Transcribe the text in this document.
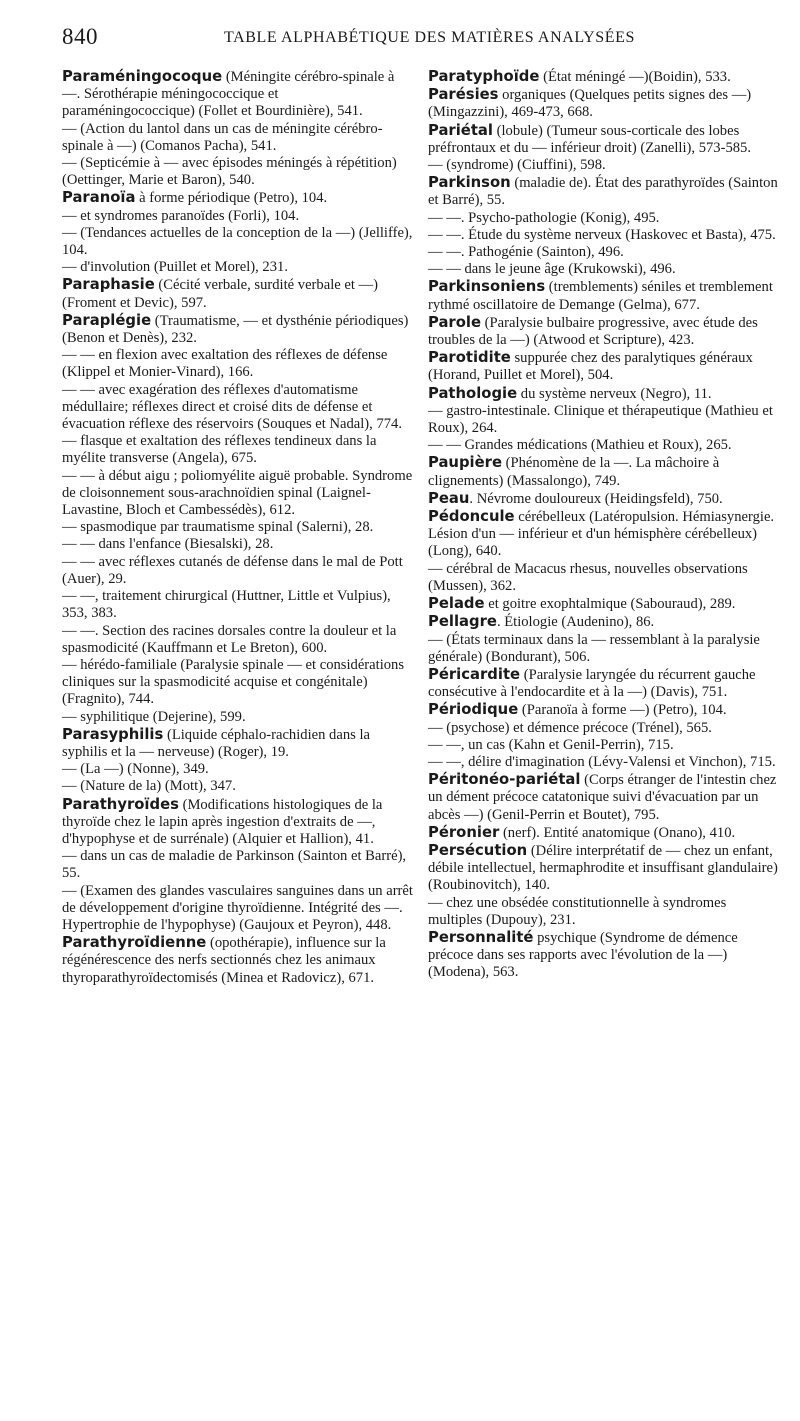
840	TABLE ALPHABÉTIQUE DES MATIÈRES ANALYSÉES

Paraméningocoque (Méningite cérébro-spinale à —. Sérothérapie méningococcique et paraméningococcique) (Follet et Bourdinière), 541.

— (Action du lantol dans un cas de méningite cérébro-spinale à —) (Comanos Pacha), 541.

— (Septicémie à — avec épisodes méningés à répétition) (Oettinger, Marie et Baron), 540.

Paranoïa à forme périodique (Petro), 104.

— et syndromes paranoïdes (Forli), 104.

— (Tendances actuelles de la conception de la —) (Jelliffe), 104.

— d'involution (Puillet et Morel), 231.

Paraphasie (Cécité verbale, surdité verbale et —) (Froment et Devic), 597.

Paraplégie (Traumatisme, — et dysthénie périodiques) (Benon et Denès), 232.

— — en flexion avec exaltation des réflexes de défense (Klippel et Monier-Vinard), 166.

— — avec exagération des réflexes d'automatisme médullaire; réflexes direct et croisé dits de défense et évacuation réflexe des réservoirs (Souques et Nadal), 774.

— flasque et exaltation des réflexes tendineux dans la myélite transverse (Angela), 675.

— — à début aigu ; poliomyélite aiguë probable. Syndrome de cloisonnement sous-arachnoïdien spinal (Laignel-Lavastine, Bloch et Cambessédès), 612.

— spasmodique par traumatisme spinal (Salerni), 28.

— — dans l'enfance (Biesalski), 28.

— — avec réflexes cutanés de défense dans le mal de Pott (Auer), 29.

— —, traitement chirurgical (Huttner, Little et Vulpius), 353, 383.

— —. Section des racines dorsales contre la douleur et la spasmodicité (Kauffmann et Le Breton), 600.

— hérédo-familiale (Paralysie spinale — et considérations cliniques sur la spasmodicité acquise et congénitale) (Fragnito), 744.

— syphilitique (Dejerine), 599.

Parasyphilis (Liquide céphalo-rachidien dans la syphilis et la — nerveuse) (Roger), 19.

— (La —) (Nonne), 349.

— (Nature de la) (Mott), 347.

Parathyroïdes (Modifications histologiques de la thyroïde chez le lapin après ingestion d'extraits de —, d'hypophyse et de surrénale) (Alquier et Hallion), 41.

— dans un cas de maladie de Parkinson (Sainton et Barré), 55.

— (Examen des glandes vasculaires sanguines dans un arrêt de développement d'origine thyroïdienne. Intégrité des —. Hypertrophie de l'hypophyse) (Gaujoux et Peyron), 448.

Parathyroïdienne (opothérapie), influence sur la régénérescence des nerfs sectionnés chez les animaux thyroparathyroïdectomisés (Minea et Radovicz), 671.

Paratyphoïde (État méningé —)(Boidin), 533.

Parésies organiques (Quelques petits signes des —) (Mingazzini), 469-473, 668.

Pariétal (lobule) (Tumeur sous-corticale des lobes préfrontaux et du — inférieur droit) (Zanelli), 573-585.

— (syndrome) (Ciuffini), 598.

Parkinson (maladie de). État des parathyroïdes (Sainton et Barré), 55.

— —. Psycho-pathologie (Konig), 495.

— —. Étude du système nerveux (Haskovec et Basta), 475.

— —. Pathogénie (Sainton), 496.

— — dans le jeune âge (Krukowski), 496.

Parkinsoniens (tremblements) séniles et tremblement rythmé oscillatoire de Demange (Gelma), 677.

Parole (Paralysie bulbaire progressive, avec étude des troubles de la —) (Atwood et Scripture), 423.

Parotidite suppurée chez des paralytiques généraux (Horand, Puillet et Morel), 504.

Pathologie du système nerveux (Negro), 11.

— gastro-intestinale. Clinique et thérapeutique (Mathieu et Roux), 264.

— — Grandes médications (Mathieu et Roux), 265.

Paupière (Phénomène de la —. La mâchoire à clignements) (Massalongo), 749.

Peau. Névrome douloureux (Heidingsfeld), 750.

Pédoncule cérébelleux (Latéropulsion. Hémiasynergie. Lésion d'un — inférieur et d'un hémisphère cérébelleux) (Long), 640.

— cérébral de Macacus rhesus, nouvelles observations (Mussen), 362.

Pelade et goitre exophtalmique (Sabouraud), 289.

Pellagre. Étiologie (Audenino), 86.

— (États terminaux dans la — ressemblant à la paralysie générale) (Bondurant), 506.

Péricardite (Paralysie laryngée du récurrent gauche consécutive à l'endocardite et à la —) (Davis), 751.

Périodique (Paranoïa à forme —) (Petro), 104.

— (psychose) et démence précoce (Trénel), 565.

— —, un cas (Kahn et Genil-Perrin), 715.

— —, délire d'imagination (Lévy-Valensi et Vinchon), 715.

Péritonéo-pariétal (Corps étranger de l'intestin chez un dément précoce catatonique suivi d'évacuation par un abcès —) (Genil-Perrin et Boutet), 795.

Péronier (nerf). Entité anatomique (Onano), 410.

Persécution (Délire interprétatif de — chez un enfant, débile intellectuel, hermaphrodite et insuffisant glandulaire) (Roubinovitch), 140.

— chez une obsédée constitutionnelle à syndromes multiples (Dupouy), 231.

Personnalité psychique (Syndrome de démence précoce dans ses rapports avec l'évolution de la —) (Modena), 563.
